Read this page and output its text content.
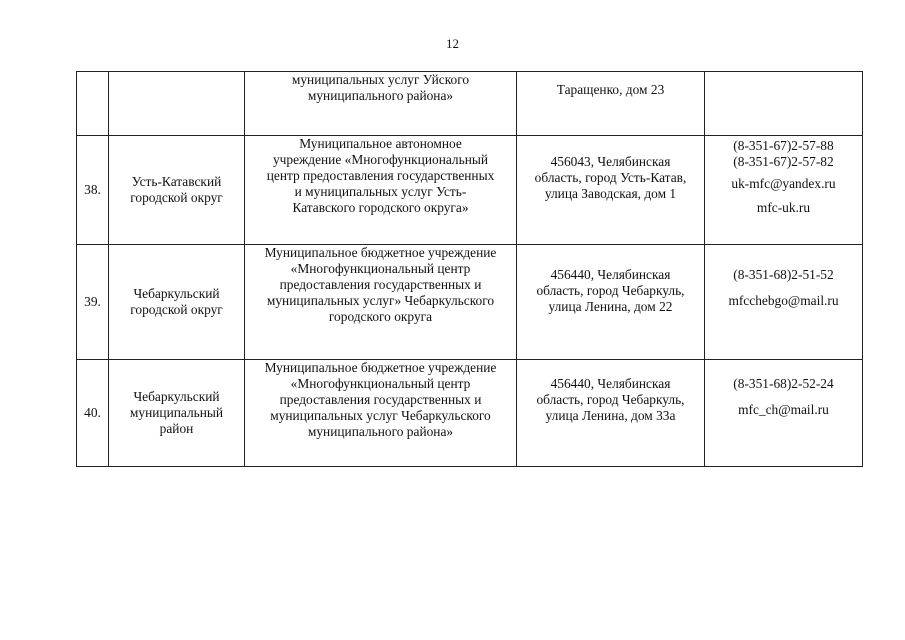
12

		муниципальных услуг Уйского
муниципального района»	Таращенко, дом 23	

38.	Усть-Катавский
городской округ	Муниципальное автономное
учреждение «Многофункциональный
центр предоставления государственных
и муниципальных услуг Усть-
Катавского городского округа»	456043, Челябинская
область, город Усть-Катав,
улица Заводская, дом 1	(8-351-67)2-57-88
(8-351-67)2-57-82
uk-mfc@yandex.ru
mfc-uk.ru

39.	Чебаркульский
городской округ	Муниципальное бюджетное учреждение
«Многофункциональный центр
предоставления государственных и
муниципальных услуг» Чебаркульского
городского округа	456440, Челябинская
область, город Чебаркуль,
улица Ленина, дом 22	(8-351-68)2-51-52
mfcchebgo@mail.ru

40.	Чебаркульский
муниципальный
район	Муниципальное бюджетное учреждение
«Многофункциональный центр
предоставления государственных и
муниципальных услуг Чебаркульского
муниципального района»	456440, Челябинская
область, город Чебаркуль,
улица Ленина, дом 33а	(8-351-68)2-52-24
mfc_ch@mail.ru
